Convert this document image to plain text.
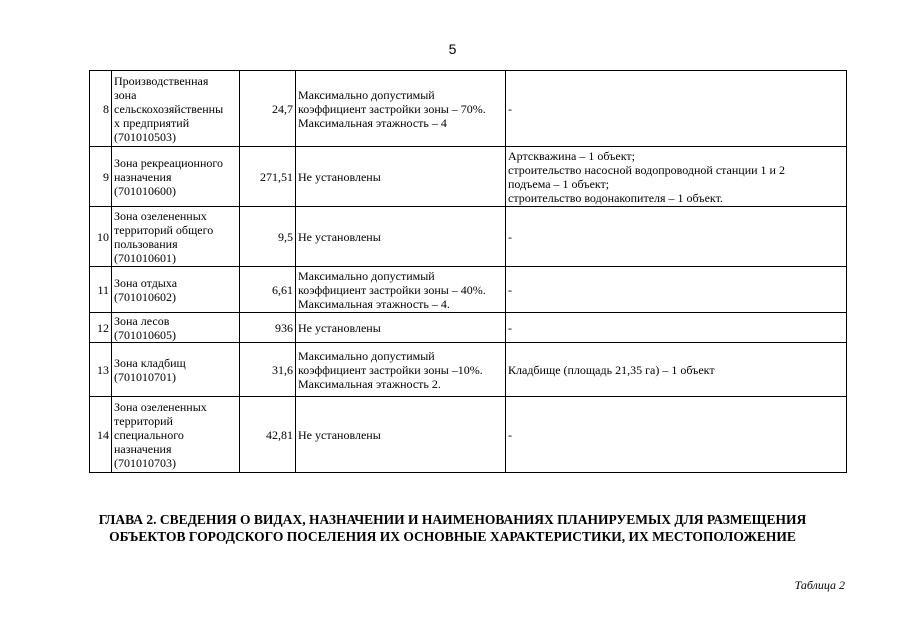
5
8	Производственная
зона
сельскохозяйственны
х предприятий
(701010503)	24,7	Максимально допустимый
коэффициент застройки зоны – 70%.
Максимальная этажность – 4	-
9	Зона рекреационного
назначения
(701010600)	271,51	Не установлены	Артскважина – 1 объект;
строительство насосной водопроводной станции 1 и 2
подъема – 1 объект;
строительство водонакопителя – 1 объект.
10	Зона озелененных
территорий общего
пользования
(701010601)	9,5	Не установлены	-
11	Зона отдыха
(701010602)	6,61	Максимально допустимый
коэффициент застройки зоны – 40%.
Максимальная этажность – 4.	-
12	Зона лесов
(701010605)	936	Не установлены	-
13	Зона кладбищ
(701010701)	31,6	Максимально допустимый
коэффициент застройки зоны –10%.
Максимальная этажность 2.	Кладбище (площадь 21,35 га) – 1 объект
14	Зона озелененных
территорий
специального
назначения
(701010703)	42,81	Не установлены	-
ГЛАВА 2. СВЕДЕНИЯ О ВИДАХ, НАЗНАЧЕНИИ И НАИМЕНОВАНИЯХ ПЛАНИРУЕМЫХ ДЛЯ РАЗМЕЩЕНИЯ ОБЪЕКТОВ ГОРОДСКОГО ПОСЕЛЕНИЯ ИХ ОСНОВНЫЕ ХАРАКТЕРИСТИКИ, ИХ МЕСТОПОЛОЖЕНИЕ
Таблица 2
